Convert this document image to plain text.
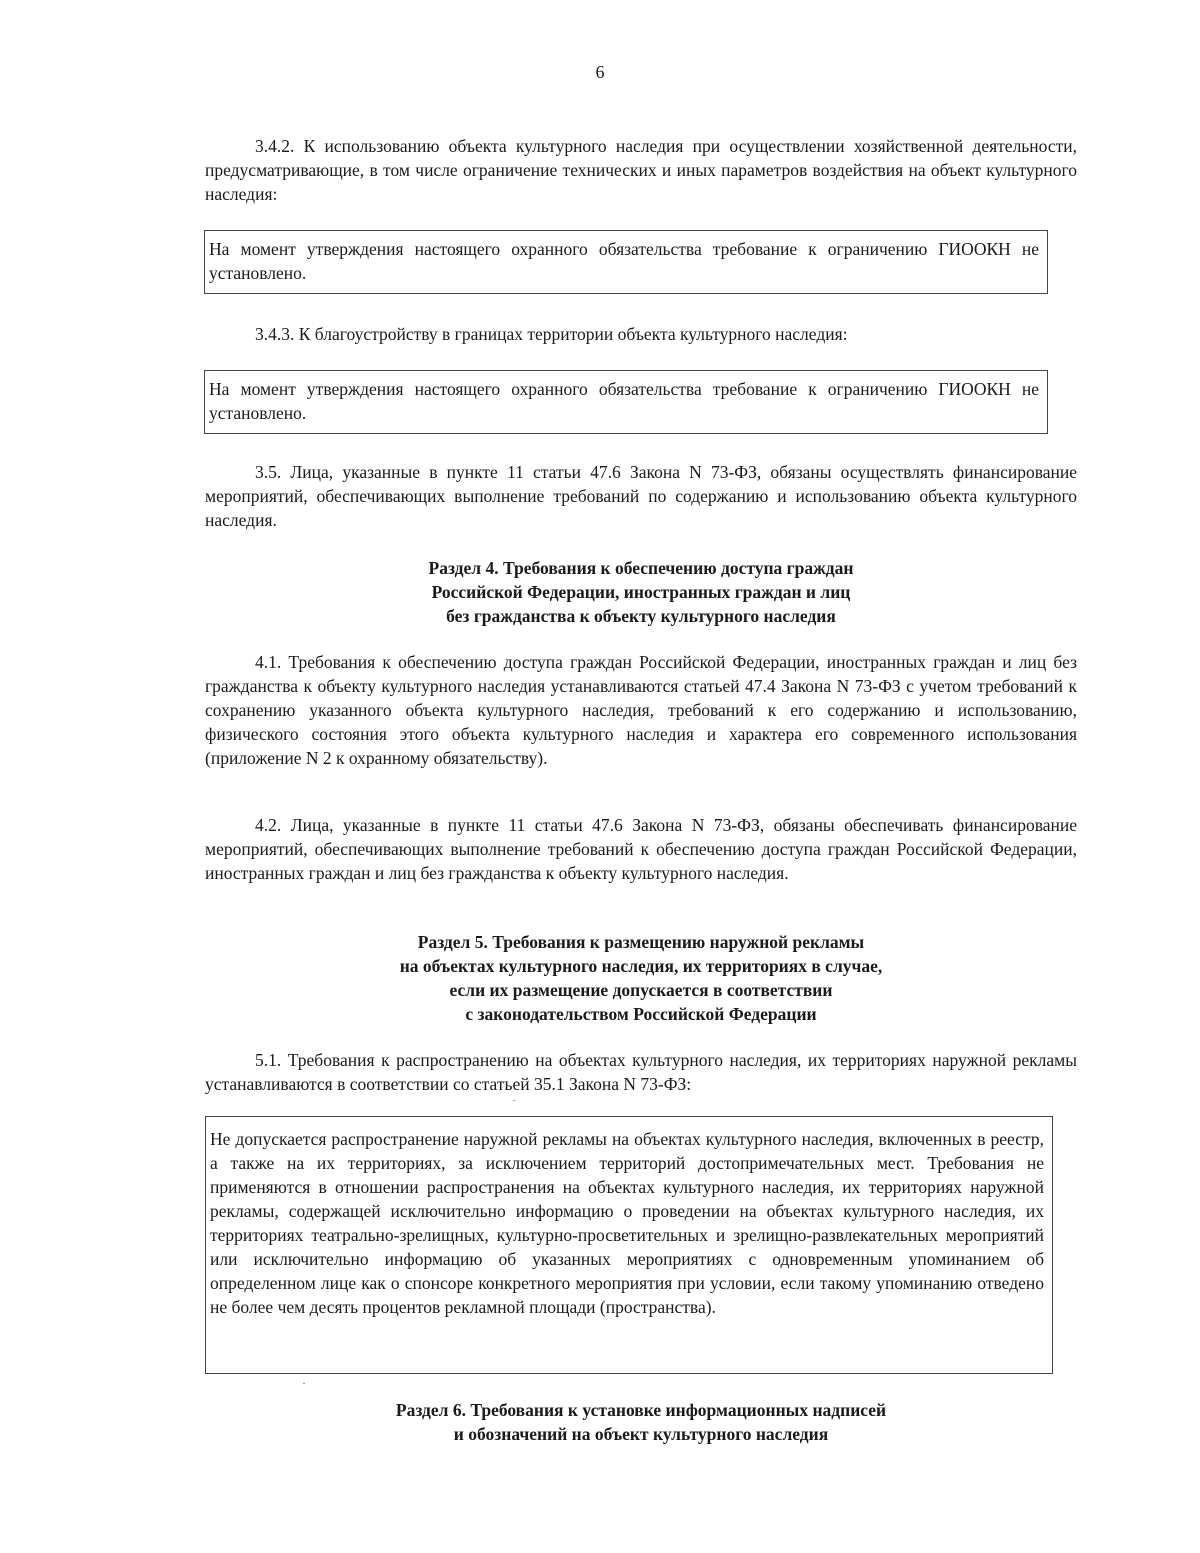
6

3.4.2. К использованию объекта культурного наследия при осуществлении хозяйственной деятельности, предусматривающие, в том числе ограничение технических и иных параметров воздействия на объект культурного наследия:

На момент утверждения настоящего охранного обязательства требование к ограничению ГИООКН не установлено.

3.4.3. К благоустройству в границах территории объекта культурного наследия:

На момент утверждения настоящего охранного обязательства требование к ограничению ГИООКН не установлено.

3.5. Лица, указанные в пункте 11 статьи 47.6 Закона N 73-ФЗ, обязаны осуществлять финансирование мероприятий, обеспечивающих выполнение требований по содержанию и использованию объекта культурного наследия.

Раздел 4. Требования к обеспечению доступа граждан
Российской Федерации, иностранных граждан и лиц
без гражданства к объекту культурного наследия

4.1. Требования к обеспечению доступа граждан Российской Федерации, иностранных граждан и лиц без гражданства к объекту культурного наследия устанавливаются статьей 47.4 Закона N 73-ФЗ с учетом требований к сохранению указанного объекта культурного наследия, требований к его содержанию и использованию, физического состояния этого объекта культурного наследия и характера его современного использования (приложение N 2 к охранному обязательству).

4.2. Лица, указанные в пункте 11 статьи 47.6 Закона N 73-ФЗ, обязаны обеспечивать финансирование мероприятий, обеспечивающих выполнение требований к обеспечению доступа граждан Российской Федерации, иностранных граждан и лиц без гражданства к объекту культурного наследия.

Раздел 5. Требования к размещению наружной рекламы
на объектах культурного наследия, их территориях в случае,
если их размещение допускается в соответствии
с законодательством Российской Федерации

5.1. Требования к распространению на объектах культурного наследия, их территориях наружной рекламы устанавливаются в соответствии со статьей 35.1 Закона N 73-ФЗ:

Не допускается распространение наружной рекламы на объектах культурного наследия, включенных в реестр, а также на их территориях, за исключением территорий достопримечательных мест. Требования не применяются в отношении распространения на объектах культурного наследия, их территориях наружной рекламы, содержащей исключительно информацию о проведении на объектах культурного наследия, их территориях театрально-зрелищных, культурно-просветительных и зрелищно-развлекательных мероприятий или исключительно информацию об указанных мероприятиях с одновременным упоминанием об определенном лице как о спонсоре конкретного мероприятия при условии, если такому упоминанию отведено не более чем десять процентов рекламной площади (пространства).

Раздел 6. Требования к установке информационных надписей
и обозначений на объект культурного наследия
